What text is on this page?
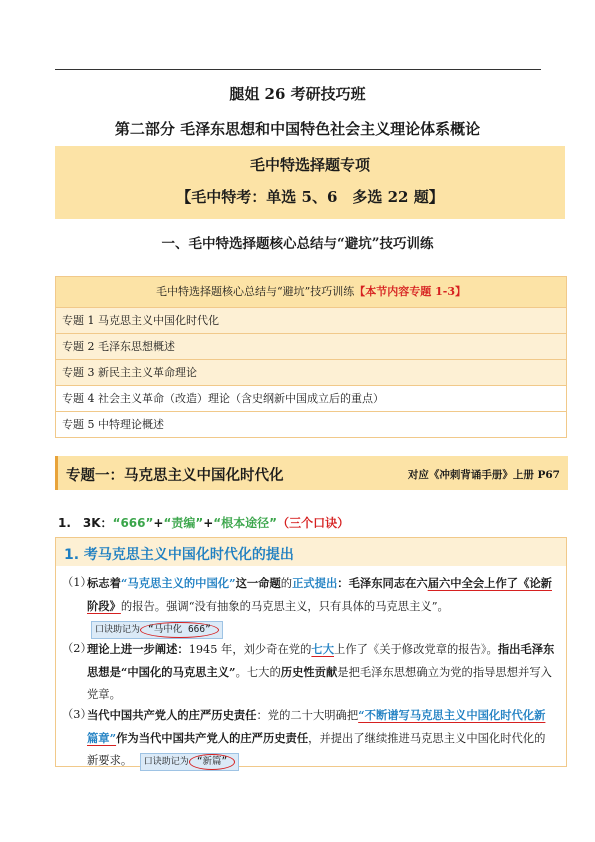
腿姐 26 考研技巧班
第二部分 毛泽东思想和中国特色社会主义理论体系概论
毛中特选择题专项
【毛中特考：单选 5、6　多选 22 题】
一、毛中特选择题核心总结与“避坑”技巧训练
毛中特选择题核心总结与“避坑”技巧训练【本节内容专题 1-3】
专题 1 马克思主义中国化时代化
专题 2 毛泽东思想概述
专题 3 新民主主义革命理论
专题 4 社会主义革命（改造）理论（含史纲新中国成立后的重点）
专题 5 中特理论概述
专题一：马克思主义中国化时代化	对应《冲刺背诵手册》上册 P67
1.　3K：“666”+“责编”+“根本途径”（三个口诀）
1. 考马克思主义中国化时代化的提出
（1）
标志着“马克思主义的中国化”这一命题的正式提出：毛泽东同志在六届六中全会上作了《论新阶段》的报告。强调“没有抽象的马克思主义，只有具体的马克思主义”。 口诀助记为 “马中化 666”
（2）
理论上进一步阐述：1945 年，刘少奇在党的七大上作了《关于修改党章的报告》。指出毛泽东思想是“中国化的马克思主义”。七大的历史性贡献是把毛泽东思想确立为党的指导思想并写入党章。
（3）
当代中国共产党人的庄严历史责任：党的二十大明确把“不断谱写马克思主义中国化时代化新篇章”作为当代中国共产党人的庄严历史责任，并提出了继续推进马克思主义中国化时代化的新要求。 口诀助记为 “新篇”
